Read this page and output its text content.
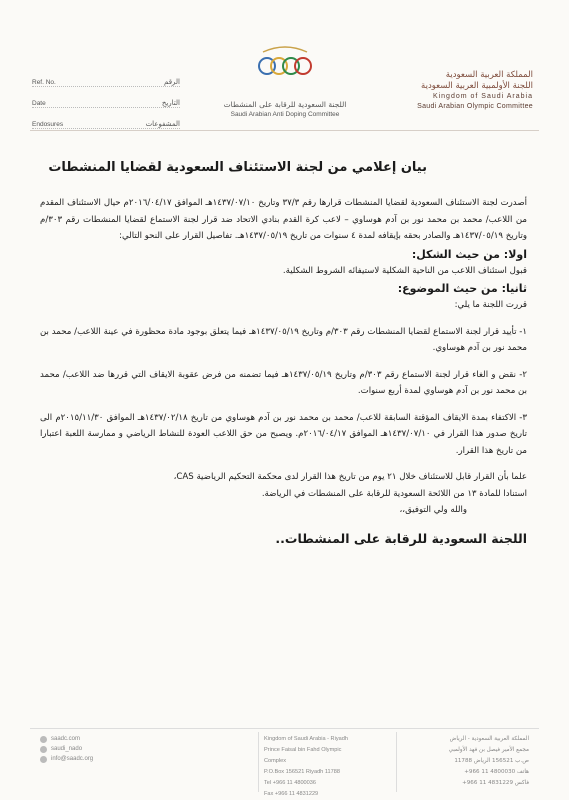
Ref. No.	الرقم
Date	التاريخ
Endosures	المشفوعات
اللجنة السعودية للرقابة على المنشطات
Saudi Arabian Anti Doping Committee
المملكة العربية السعودية
اللجنة الأولمبية العربية السعودية
Kingdom of Saudi Arabia
Saudi Arabian Olympic Committee
بيان إعلامي من لجنة الاستئناف السعودية لقضايا المنشطات

أصدرت لجنة الاستئناف السعودية لقضايا المنشطات قرارها رقم ٣٧/٣ وتاريخ ١٤٣٧/٠٧/١٠هـ الموافق ٢٠١٦/٠٤/١٧م حيال الاستئناف المقدم من اللاعب/ محمد بن محمد نور بن آدم هوساوي – لاعب كرة القدم بنادي الاتحاد ضد قرار لجنة الاستماع لقضايا المنشطات رقم ٣٠٣/م وتاريخ ١٤٣٧/٠٥/١٩هـ والصادر بحقه بإيقافه لمدة ٤ سنوات من تاريخ ١٤٣٧/٠٥/١٩هـ. تفاصيل القرار على النحو التالي:

اولا: من حيث الشكل:

قبول استئناف اللاعب من الناحية الشكلية لاستيفائه الشروط الشكلية.

ثانيا: من حيث الموضوع:

قررت اللجنة ما يلي:

١- تأييد قرار لجنة الاستماع لقضايا المنشطات رقم ٣٠٣/م وتاريخ ١٤٣٧/٠٥/١٩هـ فيما يتعلق بوجود مادة محظورة في عينة اللاعب/ محمد بن محمد نور بن آدم هوساوي.

٢- نقض و الغاء قرار لجنة الاستماع رقم ٣٠٣/م وتاريخ ١٤٣٧/٠٥/١٩هـ فيما تضمنه من فرض عقوبة الايقاف التي قررها ضد اللاعب/ محمد بن محمد نور بن آدم هوساوي لمدة أربع سنوات.

٣- الاكتفاء بمدة الايقاف المؤقتة السابقة للاعب/ محمد بن محمد نور بن آدم هوساوي من تاريخ ١٤٣٧/٠٢/١٨هـ الموافق ٢٠١٥/١١/٣٠م الى تاريخ صدور هذا القرار في ١٤٣٧/٠٧/١٠هـ الموافق ٢٠١٦/٠٤/١٧م. ويصبح من حق اللاعب العودة للنشاط الرياضي و ممارسة اللعبة اعتبارا من تاريخ هذا القرار.

علما بأن القرار قابل للاستئناف خلال ٢١ يوم من تاريخ هذا القرار لدى محكمة التحكيم الرياضية CAS،

استنادا للمادة ١٣ من اللائحة السعودية للرقابة على المنشطات في الرياضة.

والله ولي التوفيق،،

اللجنة السعودية للرقابة على المنشطات..
saadc.com
saudi_nado
info@saadc.org
Kingdom of Saudi Arabia - Riyadh
Prince Faisal bin Fahd Olympic Complex
P.O.Box 156521 Riyadh 11788
Tel +966 11 4800036
Fax +966 11 4831229
المملكة العربية السعودية - الرياض
مجمع الأمير فيصل بن فهد الأولمبي
ص.ب 156521 الرياض 11788
هاتف 4800030 11 966+
فاكس 4831229 11 966+
